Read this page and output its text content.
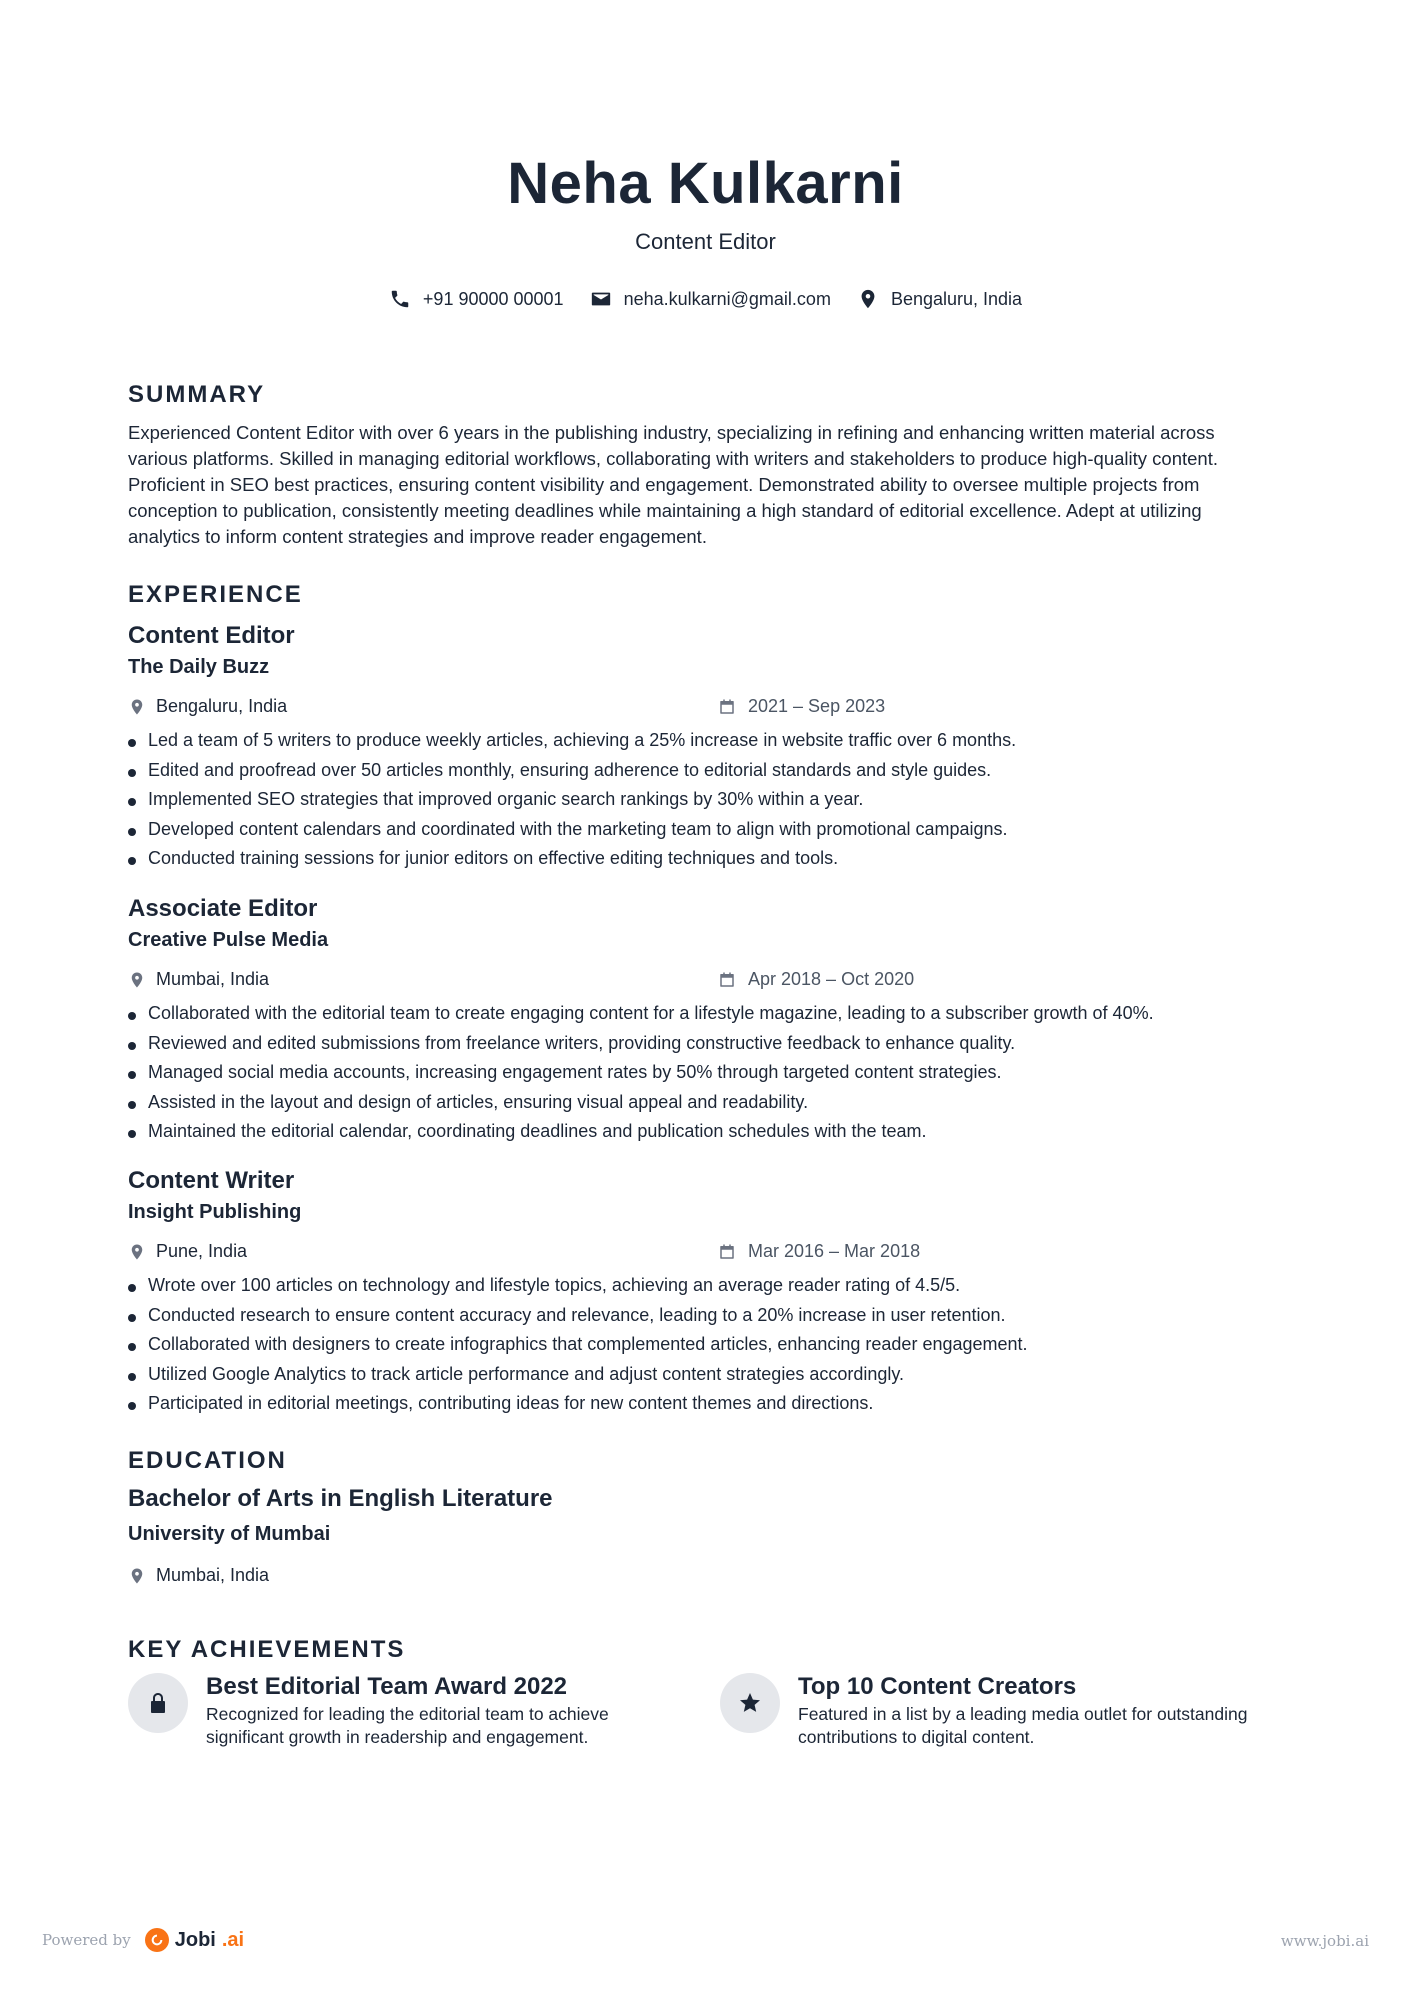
Neha Kulkarni
Content Editor
+91 90000 00001	neha.kulkarni@gmail.com	Bengaluru, India
SUMMARY
Experienced Content Editor with over 6 years in the publishing industry, specializing in refining and enhancing written material across various platforms. Skilled in managing editorial workflows, collaborating with writers and stakeholders to produce high-quality content. Proficient in SEO best practices, ensuring content visibility and engagement. Demonstrated ability to oversee multiple projects from conception to publication, consistently meeting deadlines while maintaining a high standard of editorial excellence. Adept at utilizing analytics to inform content strategies and improve reader engagement.
EXPERIENCE
Content Editor
The Daily Buzz
Bengaluru, India	2021 – Sep 2023
Led a team of 5 writers to produce weekly articles, achieving a 25% increase in website traffic over 6 months.
Edited and proofread over 50 articles monthly, ensuring adherence to editorial standards and style guides.
Implemented SEO strategies that improved organic search rankings by 30% within a year.
Developed content calendars and coordinated with the marketing team to align with promotional campaigns.
Conducted training sessions for junior editors on effective editing techniques and tools.
Associate Editor
Creative Pulse Media
Mumbai, India	Apr 2018 – Oct 2020
Collaborated with the editorial team to create engaging content for a lifestyle magazine, leading to a subscriber growth of 40%.
Reviewed and edited submissions from freelance writers, providing constructive feedback to enhance quality.
Managed social media accounts, increasing engagement rates by 50% through targeted content strategies.
Assisted in the layout and design of articles, ensuring visual appeal and readability.
Maintained the editorial calendar, coordinating deadlines and publication schedules with the team.
Content Writer
Insight Publishing
Pune, India	Mar 2016 – Mar 2018
Wrote over 100 articles on technology and lifestyle topics, achieving an average reader rating of 4.5/5.
Conducted research to ensure content accuracy and relevance, leading to a 20% increase in user retention.
Collaborated with designers to create infographics that complemented articles, enhancing reader engagement.
Utilized Google Analytics to track article performance and adjust content strategies accordingly.
Participated in editorial meetings, contributing ideas for new content themes and directions.
EDUCATION
Bachelor of Arts in English Literature
University of Mumbai
Mumbai, India
KEY ACHIEVEMENTS
Best Editorial Team Award 2022
Recognized for leading the editorial team to achieve significant growth in readership and engagement.
Top 10 Content Creators
Featured in a list by a leading media outlet for outstanding contributions to digital content.
Powered by Jobi .ai	www.jobi.ai
